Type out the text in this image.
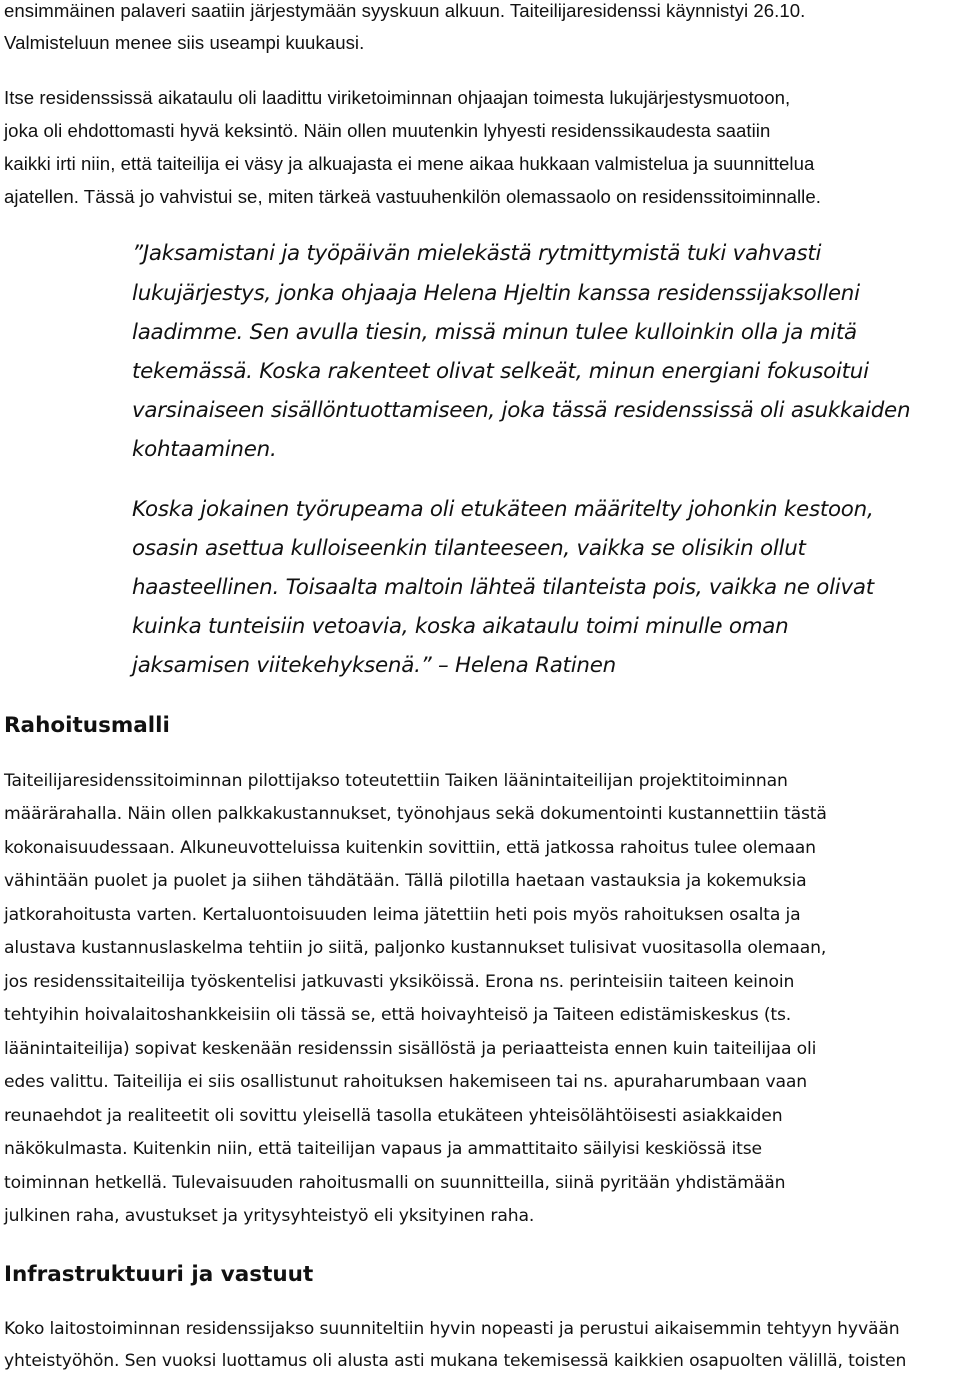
ensimmäinen palaveri saatiin järjestymään syyskuun alkuun. Taiteilijaresidenssi käynnistyi 26.10.
Valmisteluun menee siis useampi kuukausi.
Itse residenssissä aikataulu oli laadittu viriketoiminnan ohjaajan toimesta lukujärjestysmuotoon,
joka oli ehdottomasti hyvä keksintö. Näin ollen muutenkin lyhyesti residenssikaudesta saatiin
kaikki irti niin, että taiteilija ei väsy ja alkuajasta ei mene aikaa hukkaan valmistelua ja suunnittelua
ajatellen. Tässä jo vahvistui se, miten tärkeä vastuuhenkilön olemassaolo on residenssitoiminnalle.
”Jaksamistani ja työpäivän mielekästä rytmittymistä tuki vahvasti
lukujärjestys, jonka ohjaaja Helena Hjeltin kanssa residenssijaksolleni
laadimme. Sen avulla tiesin, missä minun tulee kulloinkin olla ja mitä
tekemässä. Koska rakenteet olivat selkeät, minun energiani fokusoitui
varsinaiseen sisällöntuottamiseen, joka tässä residenssissä oli asukkaiden
kohtaaminen.
Koska jokainen työrupeama oli etukäteen määritelty johonkin kestoon,
osasin asettua kulloiseenkin tilanteeseen, vaikka se olisikin ollut
haasteellinen. Toisaalta maltoin lähteä tilanteista pois, vaikka ne olivat
kuinka tunteisiin vetoavia, koska aikataulu toimi minulle oman
jaksamisen viitekehyksenä.” – Helena Ratinen
Rahoitusmalli
Taiteilijaresidenssitoiminnan pilottijakso toteutettiin Taiken läänintaiteilijan projektitoiminnan
määrärahalla. Näin ollen palkkakustannukset, työnohjaus sekä dokumentointi kustannettiin tästä
kokonaisuudessaan. Alkuneuvotteluissa kuitenkin sovittiin, että jatkossa rahoitus tulee olemaan
vähintään puolet ja puolet ja siihen tähdätään. Tällä pilotilla haetaan vastauksia ja kokemuksia
jatkorahoitusta varten. Kertaluontoisuuden leima jätettiin heti pois myös rahoituksen osalta ja
alustava kustannuslaskelma tehtiin jo siitä, paljonko kustannukset tulisivat vuositasolla olemaan,
jos residenssitaiteilija työskentelisi jatkuvasti yksiköissä. Erona ns. perinteisiin taiteen keinoin
tehtyihin hoivalaitoshankkeisiin oli tässä se, että hoivayhteisö ja Taiteen edistämiskeskus (ts.
läänintaiteilija) sopivat keskenään residenssin sisällöstä ja periaatteista ennen kuin taiteilijaa oli
edes valittu. Taiteilija ei siis osallistunut rahoituksen hakemiseen tai ns. apuraharumbaan vaan
reunaehdot ja realiteetit oli sovittu yleisellä tasolla etukäteen yhteisölähtöisesti asiakkaiden
näkökulmasta. Kuitenkin niin, että taiteilijan vapaus ja ammattitaito säilyisi keskiössä itse
toiminnan hetkellä. Tulevaisuuden rahoitusmalli on suunnitteilla, siinä pyritään yhdistämään
julkinen raha, avustukset ja yritysyhteistyö eli yksityinen raha.
Infrastruktuuri ja vastuut
Koko laitostoiminnan residenssijakso suunniteltiin hyvin nopeasti ja perustui aikaisemmin tehtyyn hyvään
yhteistyöhön. Sen vuoksi luottamus oli alusta asti mukana tekemisessä kaikkien osapuolten välillä, toisten
